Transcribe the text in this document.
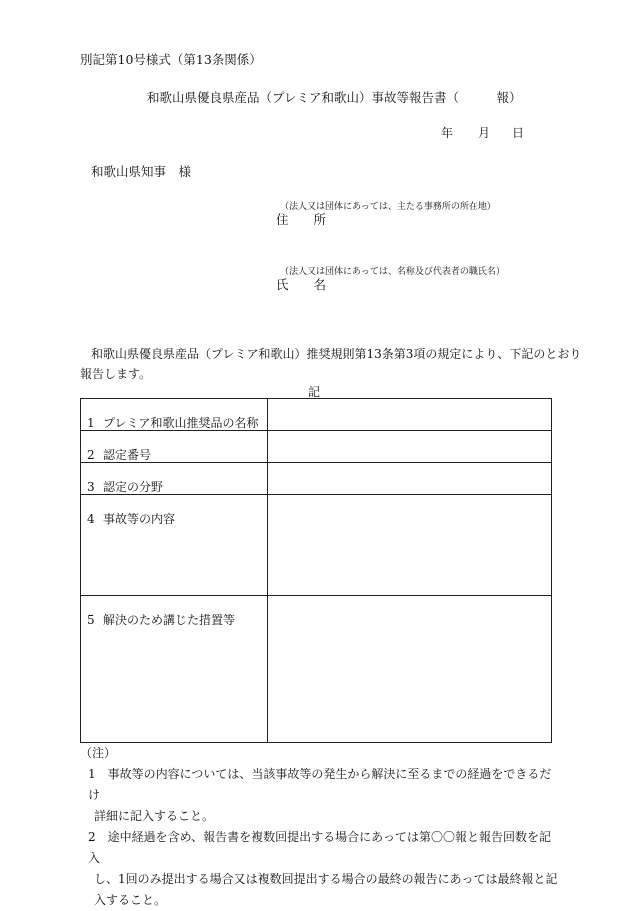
別記第10号様式（第13条関係）
和歌山県優良県産品（プレミア和歌山）事故等報告書（　　　報）
年 月 日
和歌山県知事　様
（法人又は団体にあっては、主たる事務所の所在地）
住　　所
（法人又は団体にあっては、名称及び代表者の職氏名）
氏　　名
和歌山県優良県産品（プレミア和歌山）推奨規則第13条第3項の規定により、下記のとおり
報告します。
記
1 プレミア和歌山推奨品の名称	

2 認定番号	

3 認定の分野	

4 事故等の内容	

5 解決のため講じた措置等	

（注）
1　事故等の内容については、当該事故等の発生から解決に至るまでの経過をできるだけ
詳細に記入すること。
2　途中経過を含め、報告書を複数回提出する場合にあっては第〇〇報と報告回数を記入
し、1回のみ提出する場合又は複数回提出する場合の最終の報告にあっては最終報と記
入すること。
